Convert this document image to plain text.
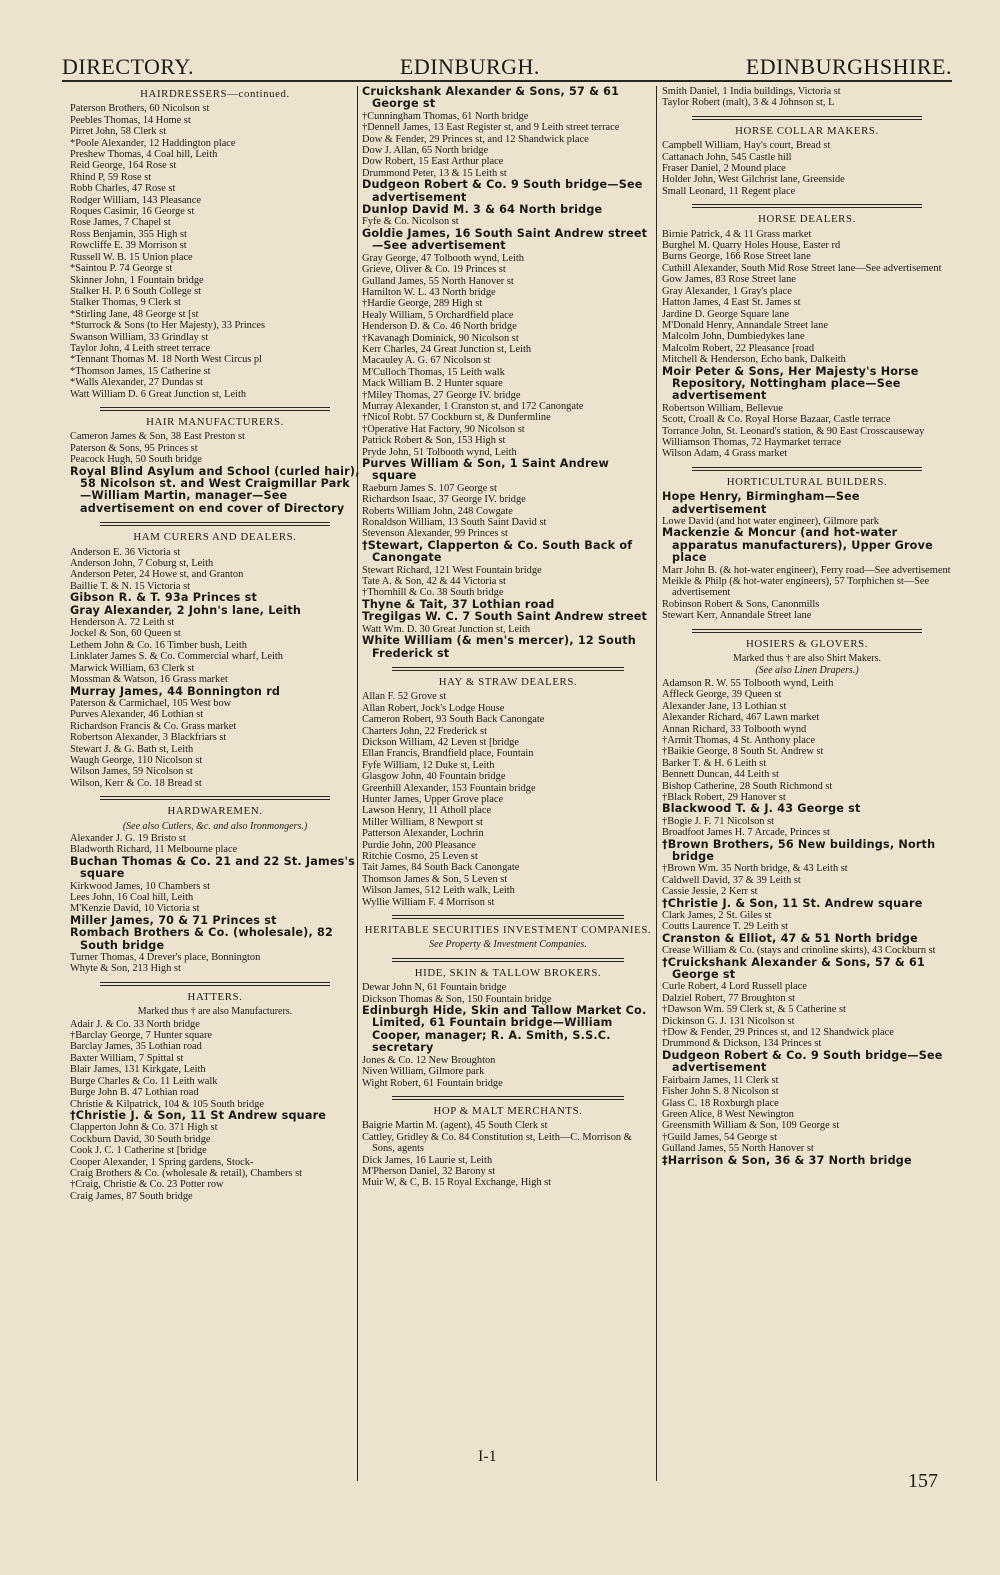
DIRECTORY.	EDINBURGH.	EDINBURGHSHIRE.
HAIRDRESSERS—continued.
Paterson Brothers, 60 Nicolson st
Peebles Thomas, 14 Home st
Pirret John, 58 Clerk st
*Poole Alexander, 12 Haddington place
Preshew Thomas, 4 Coal hill, Leith
Reid George, 164 Rose st
Rhind P, 59 Rose st
Robb Charles, 47 Rose st
Rodger William, 143 Pleasance
Roques Casimir, 16 George st
Rose James, 7 Chapel st
Ross Benjamin, 355 High st
Rowcliffe E. 39 Morrison st
Russell W. B. 15 Union place
*Saintou P. 74 George st
Skinner John, 1 Fountain bridge
Stalker H. P. 6 South College st
Stalker Thomas, 9 Clerk st
*Stirling Jane, 48 George st [st
*Sturrock & Sons (to Her Majesty), 33 Princes
Swanson William, 33 Grindlay st
Taylor John, 4 Leith street terrace
*Tennant Thomas M. 18 North West Circus pl
*Thomson James, 15 Catherine st
*Walls Alexander, 27 Dundas st
Watt William D. 6 Great Junction st, Leith
HAIR MANUFACTURERS.
Cameron James & Son, 38 East Preston st
Paterson & Sons, 95 Princes st
Peacock Hugh, 50 South bridge
Royal Blind Asylum and School (curled hair), 58 Nicolson st. and West Craigmillar Park—William Martin, manager—See advertisement on end cover of Directory
HAM CURERS AND DEALERS.
Anderson E. 36 Victoria st
Anderson John, 7 Coburg st, Leith
Anderson Peter, 24 Howe st, and Granton
Baillie T. & N. 15 Victoria st
Gibson R. & T. 93a Princes st
Gray Alexander, 2 John's lane, Leith
Henderson A. 72 Leith st
Jockel & Son, 60 Queen st
Lethem John & Co. 16 Timber bush, Leith
Linklater James S. & Co. Commercial wharf, Leith
Marwick William, 63 Clerk st
Mossman & Watson, 16 Grass market
Murray James, 44 Bonnington rd
Paterson & Carmichael, 105 West bow
Purves Alexander, 46 Lothian st
Richardson Francis & Co. Grass market
Robertson Alexander, 3 Blackfriars st
Stewart J. & G. Bath st, Leith
Waugh George, 110 Nicolson st
Wilson James, 59 Nicolson st
Wilson, Kerr & Co. 18 Bread st
HARDWAREMEN.
(See also Cutlers, &c. and also Ironmongers.)
Alexander J. G. 19 Bristo st
Bladworth Richard, 11 Melbourne place
Buchan Thomas & Co. 21 and 22 St. James's square
Kirkwood James, 10 Chambers st
Lees John, 16 Coal hill, Leith
M'Kenzie David, 10 Victoria st
Miller James, 70 & 71 Princes st
Rombach Brothers & Co. (wholesale), 82 South bridge
Turner Thomas, 4 Drever's place, Bonnington
Whyte & Son, 213 High st
HATTERS.
Marked thus † are also Manufacturers.
Adair J. & Co. 33 North bridge
†Barclay George, 7 Hunter square
Barclay James, 35 Lothian road
Baxter William, 7 Spittal st
Blair James, 131 Kirkgate, Leith
Burge Charles & Co. 11 Leith walk
Burge John B. 47 Lothian road
Christie & Kilpatrick, 104 & 105 South bridge
†Christie J. & Son, 11 St Andrew square
Clapperton John & Co. 371 High st
Cockburn David, 30 South bridge
Cook J. C. 1 Catherine st [bridge
Cooper Alexander, 1 Spring gardens, Stock-
Craig Brothers & Co. (wholesale & retail), Chambers st
†Craig, Christie & Co. 23 Potter row
Craig James, 87 South bridge
Cruickshank Alexander & Sons, 57 & 61 George st
†Cunningham Thomas, 61 North bridge
†Dennell James, 13 East Register st, and 9 Leith street terrace
Dow & Fender, 29 Princes st, and 12 Shandwick place
Dow J. Allan, 65 North bridge
Dow Robert, 15 East Arthur place
Drummond Peter, 13 & 15 Leith st
Dudgeon Robert & Co. 9 South bridge—See advertisement
Dunlop David M. 3 & 64 North bridge
Fyfe & Co. Nicolson st
Goldie James, 16 South Saint Andrew street—See advertisement
Gray George, 47 Tolbooth wynd, Leith
Grieve, Oliver & Co. 19 Princes st
Gulland James, 55 North Hanover st
Hamilton W. L. 43 North bridge
†Hardie George, 289 High st
Healy William, 5 Orchardfield place
Henderson D. & Co. 46 North bridge
†Kavanagh Dominick, 90 Nicolson st
Kerr Charles, 24 Great Junction st, Leith
Macauley A. G. 67 Nicolson st
M'Culloch Thomas, 15 Leith walk
Mack William B. 2 Hunter square
†Miley Thomas, 27 George IV. bridge
Murray Alexander, 1 Cranston st, and 172 Canongate
†Nicol Robt. 57 Cockburn st, & Dunfermline
†Operative Hat Factory, 90 Nicolson st
Patrick Robert & Son, 153 High st
Pryde John, 51 Tolbooth wynd, Leith
Purves William & Son, 1 Saint Andrew square
Raeburn James S. 107 George st
Richardson Isaac, 37 George IV. bridge
Roberts William John, 248 Cowgate
Ronaldson William, 13 South Saint David st
Stevenson Alexander, 99 Princes st
†Stewart, Clapperton & Co. South Back of Canongate
Stewart Richard, 121 West Fountain bridge
Tate A. & Son, 42 & 44 Victoria st
†Thornhill & Co. 38 South bridge
Thyne & Tait, 37 Lothian road
Tregilgas W. C. 7 South Saint Andrew street
Watt Wm. D. 30 Great Junction st, Leith
White William (& men's mercer), 12 South Frederick st
HAY & STRAW DEALERS.
Allan F. 52 Grove st
Allan Robert, Jock's Lodge House
Cameron Robert, 93 South Back Canongate
Charters John, 22 Frederick st
Dickson William, 42 Leven st [bridge
Ellan Francis, Brandfield place, Fountain
Fyfe William, 12 Duke st, Leith
Glasgow John, 40 Fountain bridge
Greenhill Alexander, 153 Fountain bridge
Hunter James, Upper Grove place
Lawson Henry, 11 Atholl place
Miller William, 8 Newport st
Patterson Alexander, Lochrin
Purdie John, 200 Pleasance
Ritchie Cosmo, 25 Leven st
Tait James, 84 South Back Canongate
Thomson James & Son, 5 Leven st
Wilson James, 512 Leith walk, Leith
Wyllie William F. 4 Morrison st
HERITABLE SECURITIES INVESTMENT COMPANIES.
See Property & Investment Companies.
HIDE, SKIN & TALLOW BROKERS.
Dewar John N, 61 Fountain bridge
Dickson Thomas & Son, 150 Fountain bridge
Edinburgh Hide, Skin and Tallow Market Co. Limited, 61 Fountain bridge—William Cooper, manager; R. A. Smith, S.S.C. secretary
Jones & Co. 12 New Broughton
Niven William, Gilmore park
Wight Robert, 61 Fountain bridge
HOP & MALT MERCHANTS.
Baigrie Martin M. (agent), 45 South Clerk st
Cattley, Gridley & Co. 84 Constitution st, Leith—C. Morrison & Sons, agents
Dick James, 16 Laurie st, Leith
M'Pherson Daniel, 32 Barony st
Muir W, & C, B. 15 Royal Exchange, High st
Smith Daniel, 1 India buildings, Victoria st
Taylor Robert (malt), 3 & 4 Johnson st, L
HORSE COLLAR MAKERS.
Campbell William, Hay's court, Bread st
Cattanach John, 545 Castle hill
Fraser Daniel, 2 Mound place
Holder John, West Gilchrist lane, Greenside
Small Leonard, 11 Regent place
HORSE DEALERS.
Birnie Patrick, 4 & 11 Grass market
Burghel M. Quarry Holes House, Easter rd
Burns George, 166 Rose Street lane
Cuthill Alexander, South Mid Rose Street lane—See advertisement
Gow James, 83 Rose Street lane
Gray Alexander, 1 Gray's place
Hatton James, 4 East St. James st
Jardine D. George Square lane
M'Donald Henry, Annandale Street lane
Malcolm John, Dumbiedykes lane
Malcolm Robert, 22 Pleasance [road
Mitchell & Henderson, Echo bank, Dalkeith
Moir Peter & Sons, Her Majesty's Horse Repository, Nottingham place—See advertisement
Robertson William, Bellevue
Scott, Croall & Co. Royal Horse Bazaar, Castle terrace
Torrance John, St. Leonard's station, & 90 East Crosscauseway
Williamson Thomas, 72 Haymarket terrace
Wilson Adam, 4 Grass market
HORTICULTURAL BUILDERS.
Hope Henry, Birmingham—See advertisement
Lowe David (and hot water engineer), Gilmore park
Mackenzie & Moncur (and hot-water apparatus manufacturers), Upper Grove place
Marr John B. (& hot-water engineer), Ferry road—See advertisement
Meikle & Philp (& hot-water engineers), 57 Torphichen st—See advertisement
Robinson Robert & Sons, Canonmills
Stewart Kerr, Annandale Street lane
HOSIERS & GLOVERS.
Marked thus † are also Shirt Makers.
(See also Linen Drapers.)
Adamson R. W. 55 Tolbooth wynd, Leith
Affleck George, 39 Queen st
Alexander Jane, 13 Lothian st
Alexander Richard, 467 Lawn market
Annan Richard, 33 Tolbooth wynd
†Armit Thomas, 4 St. Anthony place
†Baikie George, 8 South St. Andrew st
Barker T. & H. 6 Leith st
Bennett Duncan, 44 Leith st
Bishop Catherine, 28 South Richmond st
†Black Robert, 29 Hanover st
Blackwood T. & J. 43 George st
†Bogie J. F. 71 Nicolson st
Broadfoot James H. 7 Arcade, Princes st
†Brown Brothers, 56 New buildings, North bridge
†Brown Wm. 35 North bridge, & 43 Leith st
Caldwell David, 37 & 39 Leith st
Cassie Jessie, 2 Kerr st
†Christie J. & Son, 11 St. Andrew square
Clark James, 2 St. Giles st
Coutts Laurence T. 29 Leith st
Cranston & Elliot, 47 & 51 North bridge
Crease William & Co. (stays and crinoline skirts), 43 Cockburn st
†Cruickshank Alexander & Sons, 57 & 61 George st
Curle Robert, 4 Lord Russell place
Dalziel Robert, 77 Broughton st
†Dawson Wm. 59 Clerk st, & 5 Catherine st
Dickinson G. J. 131 Nicolson st
†Dow & Fender, 29 Princes st, and 12 Shandwick place
Drummond & Dickson, 134 Princes st
Dudgeon Robert & Co. 9 South bridge—See advertisement
Fairbairn James, 11 Clerk st
Fisher John S. 8 Nicolson st
Glass C. 18 Roxburgh place
Green Alice, 8 West Newington
Greensmith William & Son, 109 George st
†Guild James, 54 George st
Gulland James, 55 North Hanover st
‡Harrison & Son, 36 & 37 North bridge
I-1
157
